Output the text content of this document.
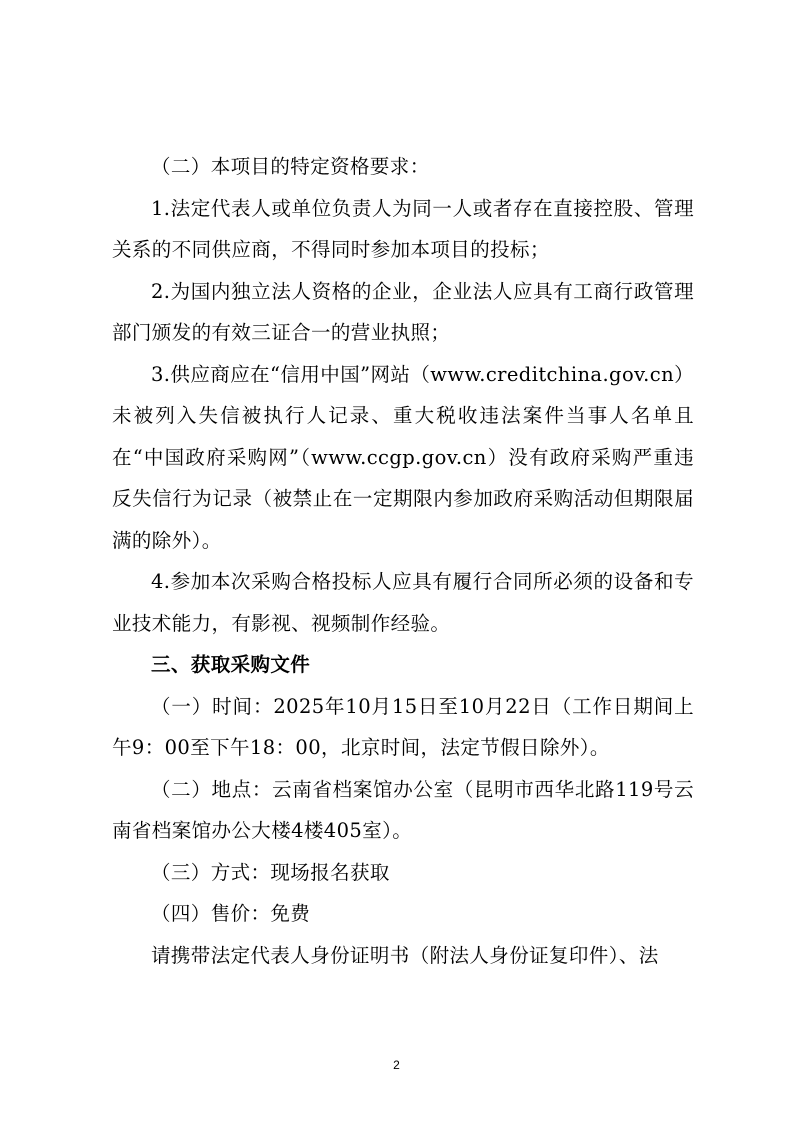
（二）本项目的特定资格要求：

1.法定代表人或单位负责人为同一人或者存在直接控股、管理关系的不同供应商，不得同时参加本项目的投标；

2.为国内独立法人资格的企业，企业法人应具有工商行政管理部门颁发的有效三证合一的营业执照；

3.供应商应在“信用中国”网站（www.creditchina.gov.cn）未被列入失信被执行人记录、重大税收违法案件当事人名单且在“中国政府采购网”（www.ccgp.gov.cn）没有政府采购严重违反失信行为记录（被禁止在一定期限内参加政府采购活动但期限届满的除外）。

4.参加本次采购合格投标人应具有履行合同所必须的设备和专业技术能力，有影视、视频制作经验。

三、获取采购文件

（一）时间：2025年10月15日至10月22日（工作日期间上午9：00至下午18：00，北京时间，法定节假日除外）。

（二）地点：云南省档案馆办公室（昆明市西华北路119号云南省档案馆办公大楼4楼405室）。

（三）方式：现场报名获取

（四）售价：免费

请携带法定代表人身份证明书（附法人身份证复印件）、法

2
